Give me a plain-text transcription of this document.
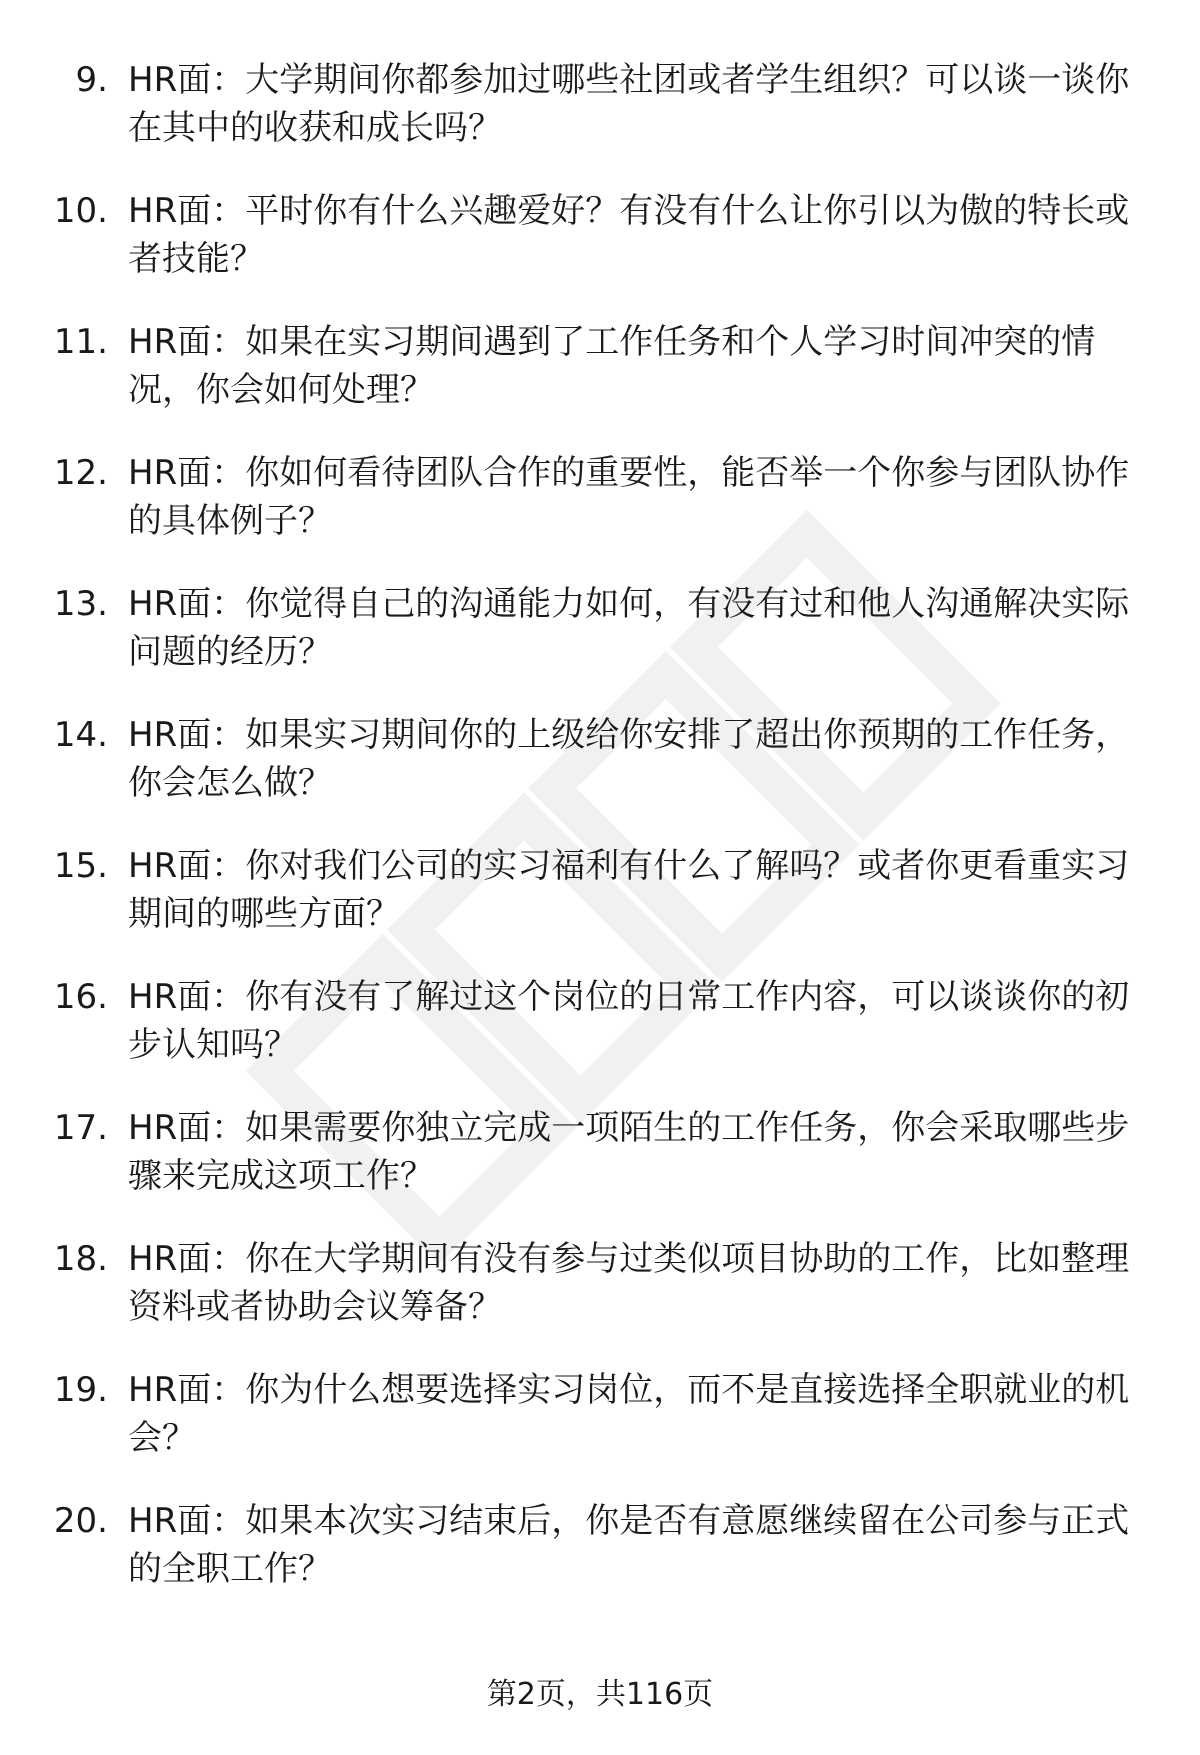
9. HR面：大学期间你都参加过哪些社团或者学生组织？可以谈一谈你在其中的收获和成长吗？

10. HR面：平时你有什么兴趣爱好？有没有什么让你引以为傲的特长或者技能？

11. HR面：如果在实习期间遇到了工作任务和个人学习时间冲突的情况，你会如何处理？

12. HR面：你如何看待团队合作的重要性，能否举一个你参与团队协作的具体例子？

13. HR面：你觉得自己的沟通能力如何，有没有过和他人沟通解决实际问题的经历？

14. HR面：如果实习期间你的上级给你安排了超出你预期的工作任务，你会怎么做？

15. HR面：你对我们公司的实习福利有什么了解吗？或者你更看重实习期间的哪些方面？

16. HR面：你有没有了解过这个岗位的日常工作内容，可以谈谈你的初步认知吗？

17. HR面：如果需要你独立完成一项陌生的工作任务，你会采取哪些步骤来完成这项工作？

18. HR面：你在大学期间有没有参与过类似项目协助的工作，比如整理资料或者协助会议筹备？

19. HR面：你为什么想要选择实习岗位，而不是直接选择全职就业的机会？

20. HR面：如果本次实习结束后，你是否有意愿继续留在公司参与正式的全职工作？

第2页，共116页
